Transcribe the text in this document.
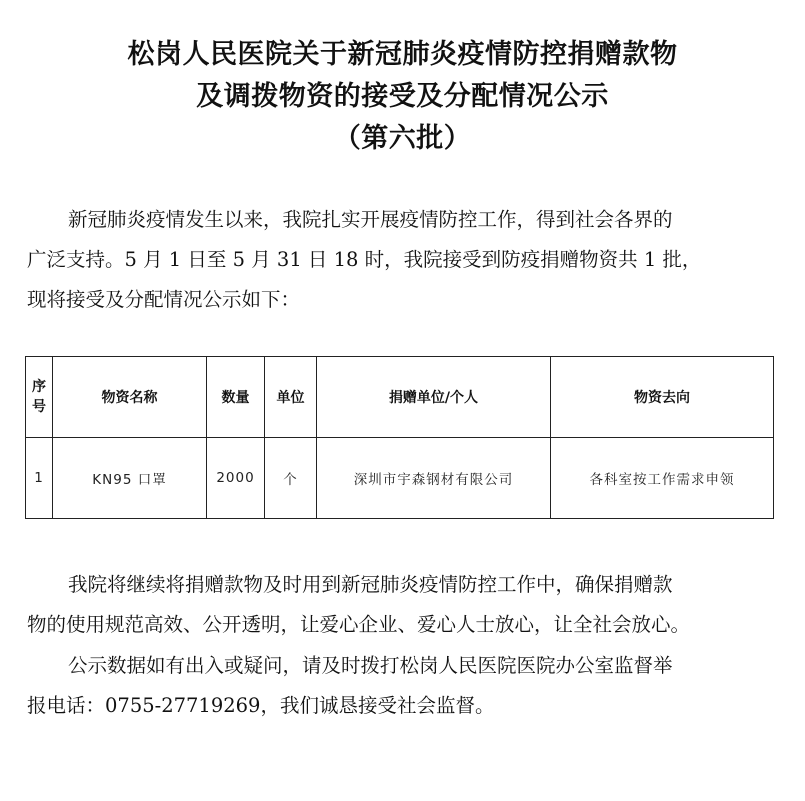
松岗人民医院关于新冠肺炎疫情防控捐赠款物
及调拨物资的接受及分配情况公示
（第六批）
新冠肺炎疫情发生以来，我院扎实开展疫情防控工作，得到社会各界的
广泛支持。5 月 1 日至 5 月 31 日 18 时，我院接受到防疫捐赠物资共 1 批，
现将接受及分配情况公示如下：
序号	物资名称	数量	单位	捐赠单位/个人	物资去向
1	KN95 口罩	2000	个	深圳市宇森钢材有限公司	各科室按工作需求申领
我院将继续将捐赠款物及时用到新冠肺炎疫情防控工作中，确保捐赠款
物的使用规范高效、公开透明，让爱心企业、爱心人士放心，让全社会放心。
公示数据如有出入或疑问，请及时拨打松岗人民医院医院办公室监督举
报电话：0755-27719269，我们诚恳接受社会监督。
